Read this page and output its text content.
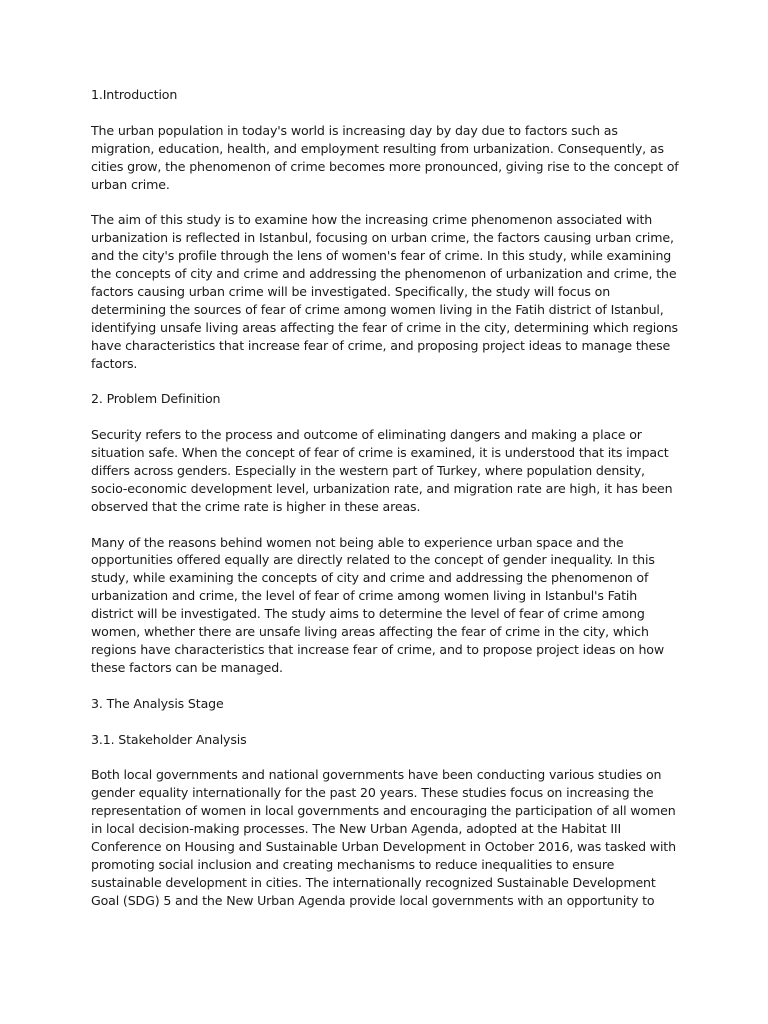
1.Introduction
The urban population in today's world is increasing day by day due to factors such as migration, education, health, and employment resulting from urbanization. Consequently, as cities grow, the phenomenon of crime becomes more pronounced, giving rise to the concept of urban crime.
The aim of this study is to examine how the increasing crime phenomenon associated with urbanization is reflected in Istanbul, focusing on urban crime, the factors causing urban crime, and the city's profile through the lens of women's fear of crime. In this study, while examining the concepts of city and crime and addressing the phenomenon of urbanization and crime, the factors causing urban crime will be investigated. Specifically, the study will focus on determining the sources of fear of crime among women living in the Fatih district of Istanbul, identifying unsafe living areas affecting the fear of crime in the city, determining which regions have characteristics that increase fear of crime, and proposing project ideas to manage these factors.
2. Problem Definition
Security refers to the process and outcome of eliminating dangers and making a place or situation safe. When the concept of fear of crime is examined, it is understood that its impact differs across genders. Especially in the western part of Turkey, where population density, socio-economic development level, urbanization rate, and migration rate are high, it has been observed that the crime rate is higher in these areas.
Many of the reasons behind women not being able to experience urban space and the opportunities offered equally are directly related to the concept of gender inequality. In this study, while examining the concepts of city and crime and addressing the phenomenon of urbanization and crime, the level of fear of crime among women living in Istanbul's Fatih district will be investigated. The study aims to determine the level of fear of crime among women, whether there are unsafe living areas affecting the fear of crime in the city, which regions have characteristics that increase fear of crime, and to propose project ideas on how these factors can be managed.
3. The Analysis Stage
3.1. Stakeholder Analysis
Both local governments and national governments have been conducting various studies on gender equality internationally for the past 20 years. These studies focus on increasing the representation of women in local governments and encouraging the participation of all women in local decision-making processes. The New Urban Agenda, adopted at the Habitat III Conference on Housing and Sustainable Urban Development in October 2016, was tasked with promoting social inclusion and creating mechanisms to reduce inequalities to ensure sustainable development in cities. The internationally recognized Sustainable Development Goal (SDG) 5 and the New Urban Agenda provide local governments with an opportunity to
